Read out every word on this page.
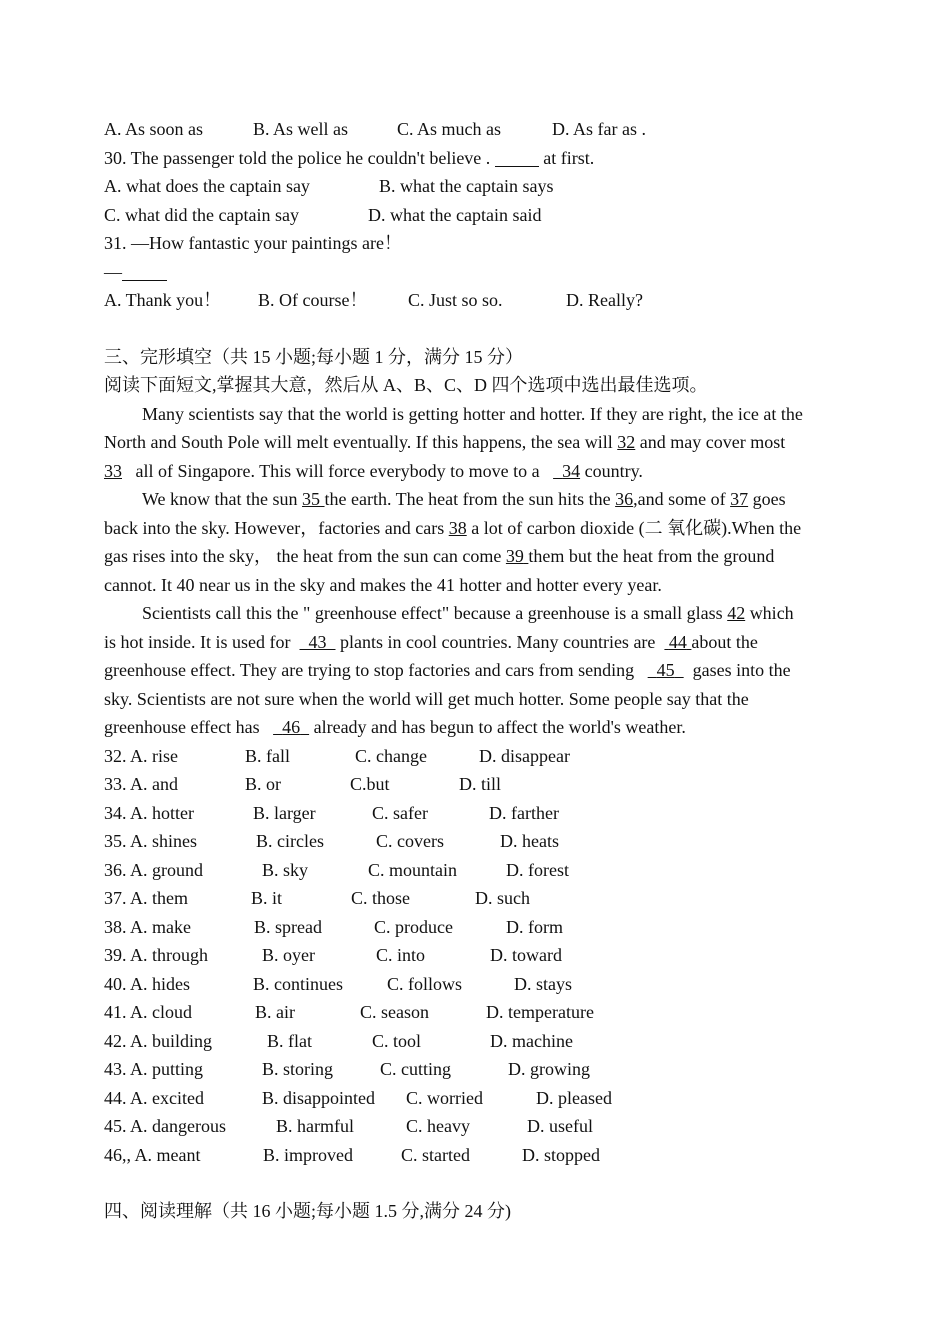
A. As soon as	B. As well as	C. As much as	D. As far as .
30. The passenger told the police he couldn't believe .	at first.
A. what does the captain say	B. what the captain says
C. what did the captain say	D. what the captain said
31. —How fantastic your paintings are！
—
A. Thank you！ B. Of course！ C. Just so so.	D. Really?
三、完形填空（共 15 小题;每小题 1 分，满分 15 分）
阅读下面短文,掌握其大意，然后从 A、B、C、D 四个选项中选出最佳选项。
Many scientists say that the world is getting hotter and hotter. If they are right, the ice at the
North and South Pole will melt eventually. If this happens, the sea will 32 and may cover most
33 all of Singapore. This will force everybody to move to a 34 country.
We know that the sun 35 the earth. The heat from the sun hits the 36,and some of 37 goes
back into the sky. However，factories and cars 38 a lot of carbon dioxide (二 氧化碳).When the
gas rises into the sky， the heat from the sun can come 39 them but the heat from the ground
cannot. It 40 near us in the sky and makes the 41 hotter and hotter every year.
Scientists call this the " greenhouse effect" because a greenhouse is a small glass 42 which
is hot inside. It is used for 43 plants in cool countries. Many countries are 44 about the
greenhouse effect. They are trying to stop factories and cars from sending 45 gases into the
sky. Scientists are not sure when the world will get much hotter. Some people say that the
greenhouse effect has 46 already and has begun to affect the world's weather.
32. A. rise	B. fall	C. change	D. disappear
33. A. and	B. or	C.but	D. till
34. A. hotter	B. larger	C. safer	D. farther
35. A. shines	B. circles	C. covers	D. heats
36. A. ground	B. sky	C. mountain	D. forest
37. A. them	B. it	C. those	D. such
38. A. make	B. spread	C. produce	D. form
39. A. through	B. oyer	C. into	D. toward
40. A. hides	B. continues C. follows	D. stays
41. A. cloud	B. air	C. season	D. temperature
42. A. building	B. flat	C. tool	D. machine
43. A. putting	B. storing	C. cutting	D. growing
44. A. excited	B. disappointed C. worried	D. pleased
45. A. dangerous	B. harmful	C. heavy	D. useful
46,, A. meant	B. improved	C. started	D. stopped
四、阅读理解（共 16 小题;每小题 1.5 分,满分 24 分)
